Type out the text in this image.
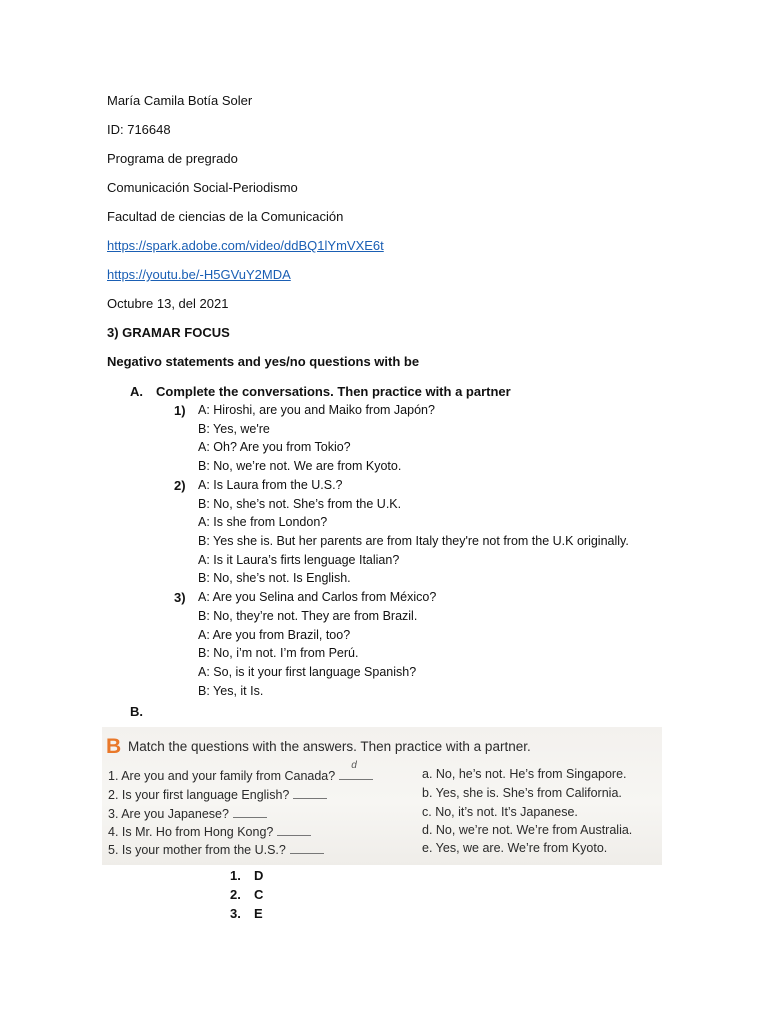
María Camila Botía Soler
ID: 716648
Programa de pregrado
Comunicación Social-Periodismo
Facultad de ciencias de la Comunicación
https://spark.adobe.com/video/ddBQ1lYmVXE6t
https://youtu.be/-H5GVuY2MDA
Octubre 13, del 2021
3) GRAMAR FOCUS
Negativo statements and yes/no questions with be
A. Complete the conversations. Then practice with a partner
1) A: Hiroshi, are you and Maiko from Japón?
B: Yes, we're
A: Oh? Are you from Tokio?
B: No, we’re not. We are from Kyoto.
2) A: Is Laura from the U.S.?
B: No, she’s not. She’s from the U.K.
A: Is she from London?
B: Yes she is. But her parents are from Italy they're not from the U.K originally.
A: Is it Laura’s firts lenguage Italian?
B: No, she’s not. Is English.
3) A: Are you Selina and Carlos from México?
B: No, they’re not. They are from Brazil.
A: Are you from Brazil, too?
B: No, i’m not. I’m from Perú.
A: So, is it your first language Spanish?
B: Yes, it Is.
B.
B Match the questions with the answers. Then practice with a partner.
1. Are you and your family from Canada?
d
2. Is your first language English?
3. Are you Japanese?
4. Is Mr. Ho from Hong Kong?
5. Is your mother from the U.S.?
a. No, he’s not. He’s from Singapore.
b. Yes, she is. She’s from California.
c. No, it’s not. It’s Japanese.
d. No, we’re not. We’re from Australia.
e. Yes, we are. We’re from Kyoto.
1. D
2. C
3. E
